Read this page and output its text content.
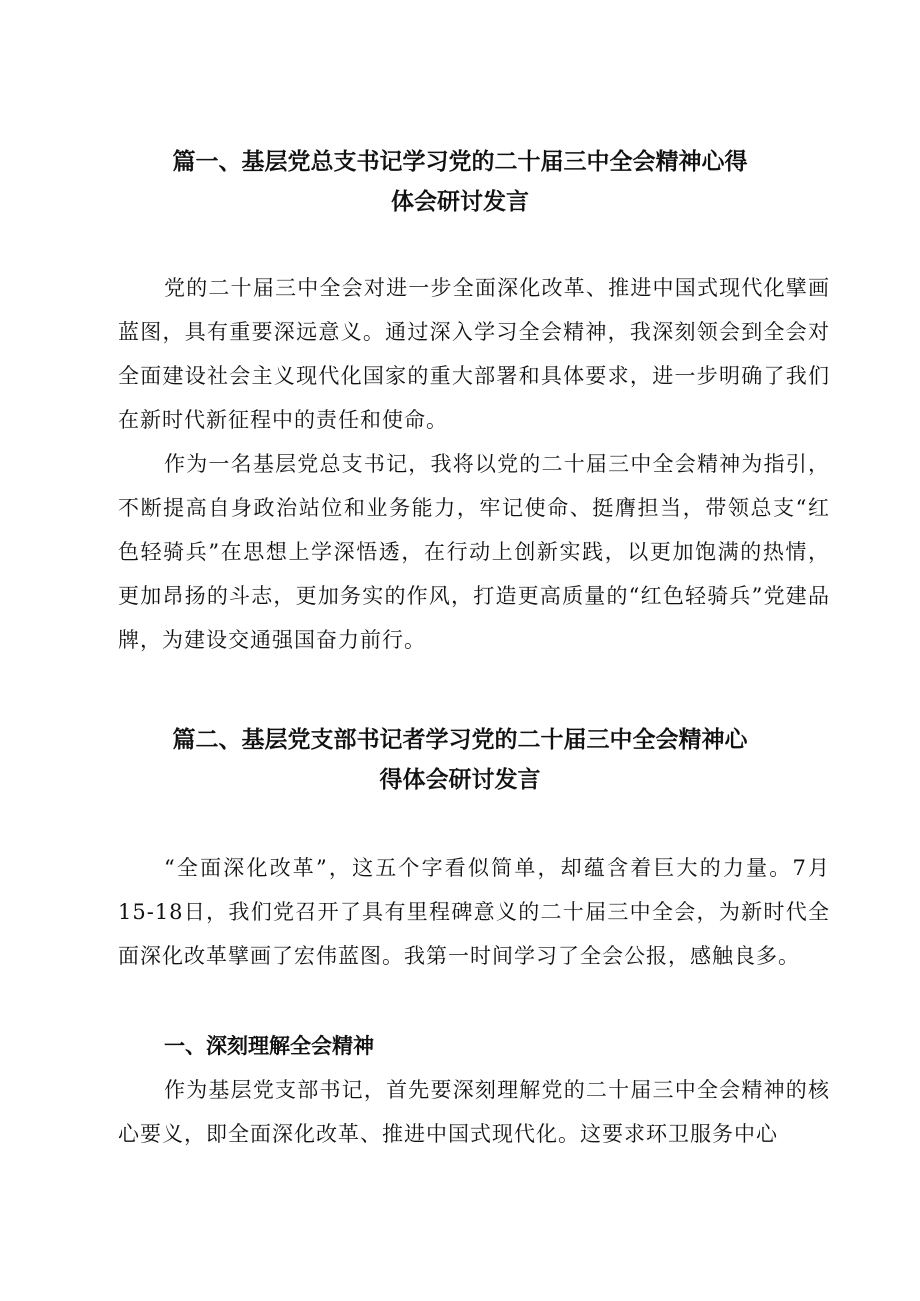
篇一、基层党总支书记学习党的二十届三中全会精神心得
体会研讨发言

党的二十届三中全会对进一步全面深化改革、推进中国式现代化擘画蓝图，具有重要深远意义。通过深入学习全会精神，我深刻领会到全会对全面建设社会主义现代化国家的重大部署和具体要求，进一步明确了我们在新时代新征程中的责任和使命。

作为一名基层党总支书记，我将以党的二十届三中全会精神为指引，不断提高自身政治站位和业务能力，牢记使命、挺膺担当，带领总支“红色轻骑兵”在思想上学深悟透，在行动上创新实践，以更加饱满的热情，更加昂扬的斗志，更加务实的作风，打造更高质量的“红色轻骑兵”党建品牌，为建设交通强国奋力前行。

篇二、基层党支部书记者学习党的二十届三中全会精神心
得体会研讨发言

“全面深化改革”，这五个字看似简单，却蕴含着巨大的力量。7月15-18日，我们党召开了具有里程碑意义的二十届三中全会，为新时代全面深化改革擘画了宏伟蓝图。我第一时间学习了全会公报，感触良多。

一、深刻理解全会精神

作为基层党支部书记，首先要深刻理解党的二十届三中全会精神的核心要义，即全面深化改革、推进中国式现代化。这要求环卫服务中心
